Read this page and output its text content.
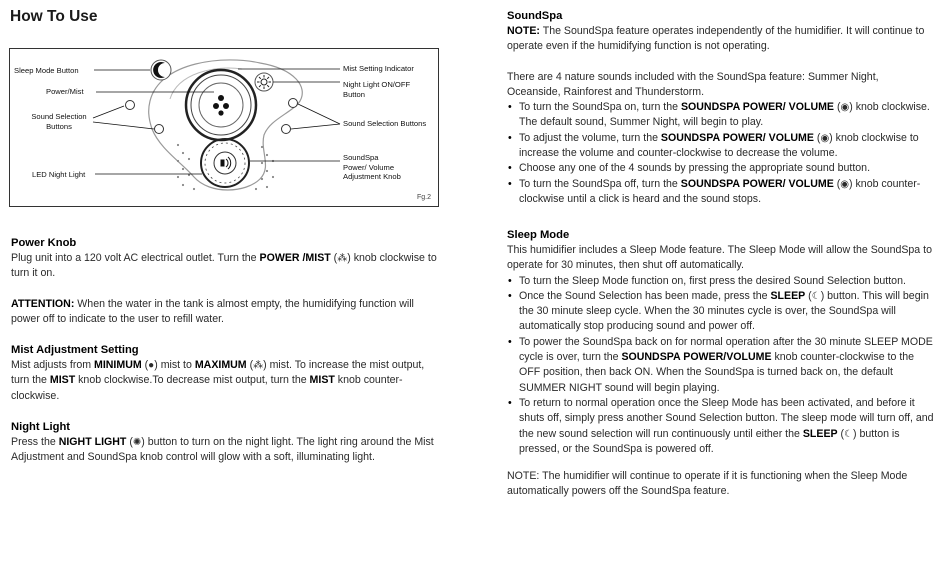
How To Use
Sleep Mode Button
Power/Mist
Sound Selection
Buttons
LED Night Light
Mist Setting Indicator
Night Light ON/OFF
Button
Sound Selection Buttons
SoundSpa
Power/ Volume
Adjustment Knob
Fg.2
Power Knob

Plug unit into a 120 volt AC electrical outlet. Turn the POWER /MIST (⁂) knob clockwise to turn it on.

ATTENTION: When the water in the tank is almost empty, the humidifying function will power off to indicate to the user to refill water.

Mist Adjustment Setting

Mist adjusts from MINIMUM (●) mist to MAXIMUM (⁂) mist. To increase the mist output, turn the MIST knob clockwise.To decrease mist output, turn the MIST knob counter-clockwise.

Night Light

Press the NIGHT LIGHT (✺) button to turn on the night light. The light ring around the Mist Adjustment and SoundSpa knob control will glow with a soft, illuminating light.

SoundSpa

NOTE: The SoundSpa feature operates independently of the humidifier. It will continue to operate even if the humidifying function is not operating.

There are 4 nature sounds included with the SoundSpa feature: Summer Night, Oceanside, Rainforest and Thunderstorm.

• To turn the SoundSpa on, turn the SOUNDSPA POWER/ VOLUME (◉) knob clockwise. The default sound, Summer Night, will begin to play.
• To adjust the volume, turn the SOUNDSPA POWER/ VOLUME (◉) knob clockwise to increase the volume and counter-clockwise to decrease the volume.
• Choose any one of the 4 sounds by pressing the appropriate sound button.
• To turn the SoundSpa off, turn the SOUNDSPA POWER/ VOLUME (◉) knob counter-clockwise until a click is heard and the sound stops.
Sleep Mode

This humidifier includes a Sleep Mode feature. The Sleep Mode will allow the SoundSpa to operate for 30 minutes, then shut off automatically.

• To turn the Sleep Mode function on, first press the desired Sound Selection button.
• Once the Sound Selection has been made, press the SLEEP (☾) button. This will begin the 30 minute sleep cycle. When the 30 minutes cycle is over, the SoundSpa will automatically stop producing sound and power off.
• To power the SoundSpa back on for normal operation after the 30 minute SLEEP MODE cycle is over, turn the SOUNDSPA POWER/VOLUME knob counter-clockwise to the OFF position, then back ON. When the SoundSpa is turned back on, the default SUMMER NIGHT sound will begin playing.
• To return to normal operation once the Sleep Mode has been activated, and before it shuts off, simply press another Sound Selection button. The sleep mode will turn off, and the new sound selection will run continuously until either the SLEEP (☾) button is pressed, or the SoundSpa is powered off.

NOTE: The humidifier will continue to operate if it is functioning when the Sleep Mode automatically powers off the SoundSpa feature.
